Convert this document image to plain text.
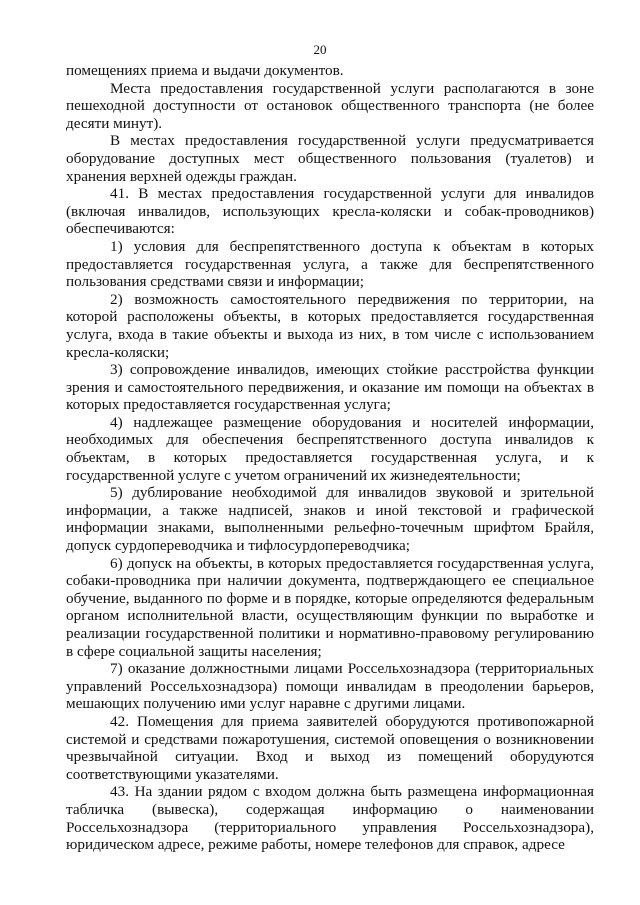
20

помещениях приема и выдачи документов.

Места предоставления государственной услуги располагаются в зоне пешеходной доступности от остановок общественного транспорта (не более десяти минут).

В местах предоставления государственной услуги предусматривается оборудование доступных мест общественного пользования (туалетов) и хранения верхней одежды граждан.

41. В местах предоставления государственной услуги для инвалидов (включая инвалидов, использующих кресла-коляски и собак-проводников) обеспечиваются:

1) условия для беспрепятственного доступа к объектам в которых предоставляется государственная услуга, а также для беспрепятственного пользования средствами связи и информации;

2) возможность самостоятельного передвижения по территории, на которой расположены объекты, в которых предоставляется государственная услуга, входа в такие объекты и выхода из них, в том числе с использованием кресла-коляски;

3) сопровождение инвалидов, имеющих стойкие расстройства функции зрения и самостоятельного передвижения, и оказание им помощи на объектах в которых предоставляется государственная услуга;

4) надлежащее размещение оборудования и носителей информации, необходимых для обеспечения беспрепятственного доступа инвалидов к объектам, в которых предоставляется государственная услуга, и к государственной услуге с учетом ограничений их жизнедеятельности;

5) дублирование необходимой для инвалидов звуковой и зрительной информации, а также надписей, знаков и иной текстовой и графической информации знаками, выполненными рельефно-точечным шрифтом Брайля, допуск сурдопереводчика и тифлосурдопереводчика;

6) допуск на объекты, в которых предоставляется государственная услуга, собаки-проводника при наличии документа, подтверждающего ее специальное обучение, выданного по форме и в порядке, которые определяются федеральным органом исполнительной власти, осуществляющим функции по выработке и реализации государственной политики и нормативно-правовому регулированию в сфере социальной защиты населения;

7) оказание должностными лицами Россельхознадзора (территориальных управлений Россельхознадзора) помощи инвалидам в преодолении барьеров, мешающих получению ими услуг наравне с другими лицами.

42. Помещения для приема заявителей оборудуются противопожарной системой и средствами пожаротушения, системой оповещения о возникновении чрезвычайной ситуации. Вход и выход из помещений оборудуются соответствующими указателями.

43. На здании рядом с входом должна быть размещена информационная табличка (вывеска), содержащая информацию о наименовании Россельхознадзора (территориального управления Россельхознадзора), юридическом адресе, режиме работы, номере телефонов для справок, адресе
